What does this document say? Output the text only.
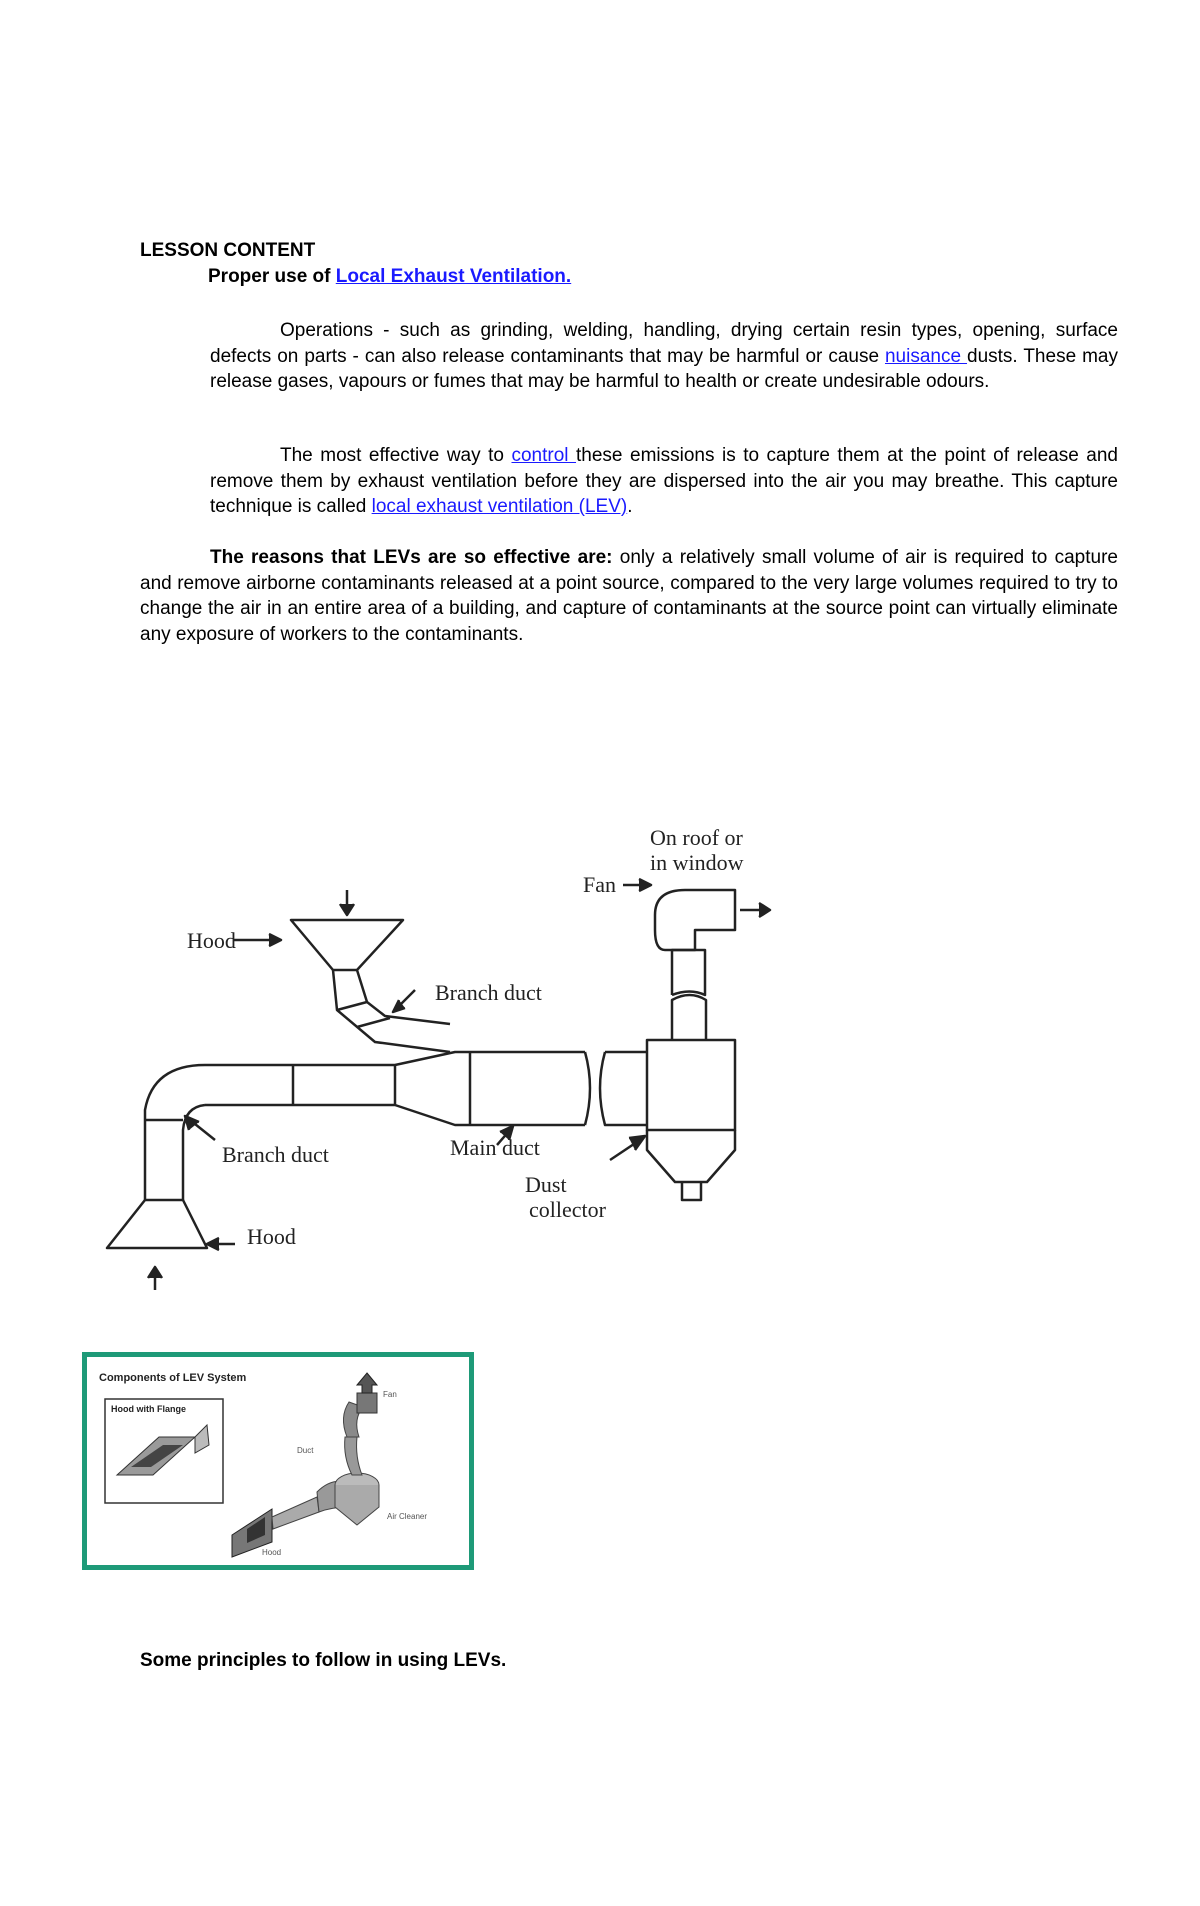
LESSON CONTENT
Proper use of Local Exhaust Ventilation.
Operations - such as grinding, welding, handling, drying certain resin types, opening, surface defects on parts - can also release contaminants that may be harmful or cause nuisance dusts. These may release gases, vapours or fumes that may be harmful to health or create undesirable odours.
The most effective way to control these emissions is to capture them at the point of release and remove them by exhaust ventilation before they are dispersed into the air you may breathe. This capture technique is called local exhaust ventilation (LEV).
The reasons that LEVs are so effective are: only a relatively small volume of air is required to capture and remove airborne contaminants released at a point source, compared to the very large volumes required to try to change the air in an entire area of a building, and capture of contaminants at the source point can virtually eliminate any exposure of workers to the contaminants.
On roof or
in window
Fan
Hood
Branch duct
Branch duct	Main duct
Dust
collector
Hood
Components of LEV System
Hood with Flange
Fan
Duct
Air Cleaner
Hood
Some principles to follow in using LEVs.
